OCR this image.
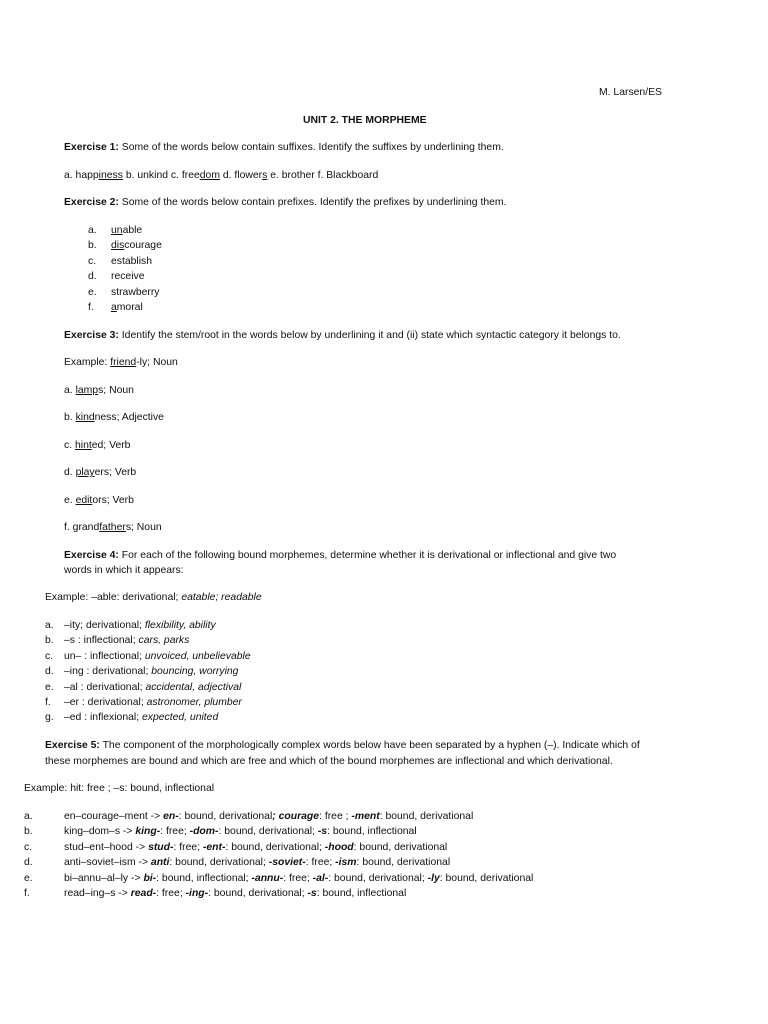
M. Larsen/ES
UNIT 2. THE MORPHEME
Exercise 1: Some of the words below contain suffixes. Identify the suffixes by underlining them.
a. happiness b. unkind c. freedom d. flowers e. brother f. Blackboard
Exercise 2: Some of the words below contain prefixes. Identify the prefixes by underlining them.
a. unable
b. discourage
c. establish
d. receive
e. strawberry
f. amoral
Exercise 3: Identify the stem/root in the words below by underlining it and (ii) state which syntactic category it belongs to.
Example: friend-ly; Noun
a. lamps; Noun
b. kindness; Adjective
c. hinted; Verb
d. players; Verb
e. editors; Verb
f. grandfathers; Noun
Exercise 4: For each of the following bound morphemes, determine whether it is derivational or inflectional and give two
words in which it appears:
Example: –able: derivational; eatable; readable
a. –ity; derivational; flexibility, ability
b. –s : inflectional; cars, parks
c. un– : inflectional; unvoiced, unbelievable
d. –ing : derivational; bouncing, worrying
e. –al : derivational; accidental, adjectival
f. –er : derivational; astronomer, plumber
g. –ed : inflexional; expected, united
Exercise 5: The component of the morphologically complex words below have been separated by a hyphen (–). Indicate which of
these morphemes are bound and which are free and which of the bound morphemes are inflectional and which derivational.
Example: hit: free ; –s: bound, inflectional
a.	en–courage–ment -> en-: bound, derivational; courage: free ; -ment: bound, derivational
b.	king–dom–s -> king-: free; -dom-: bound, derivational; -s: bound, inflectional
c.	stud–ent–hood -> stud-: free; -ent-: bound, derivational; -hood: bound, derivational
d.	anti–soviet–ism -> anti: bound, derivational; -soviet-: free; -ism: bound, derivational
e.	bi–annu–al–ly -> bi-: bound, inflectional; -annu-: free; -al-: bound, derivational; -ly: bound, derivational
f.	read–ing–s -> read-: free; -ing-: bound, derivational; -s: bound, inflectional
